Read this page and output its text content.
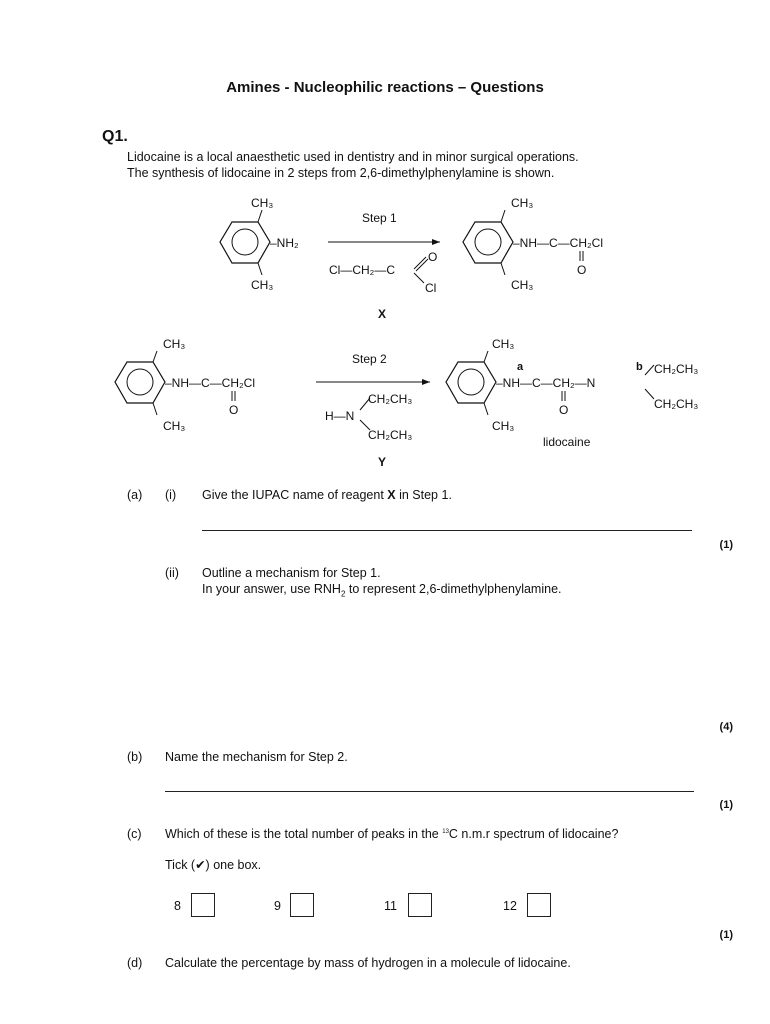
Amines - Nucleophilic reactions – Questions
Q1.
Lidocaine is a local anaesthetic used in dentistry and in minor surgical operations.
The synthesis of lidocaine in 2 steps from 2,6-dimethylphenylamine is shown.
CH₃
CH₃
–NH₂
Step 1
Cl—CH₂—C
O
Cl
X
CH₃
CH₃
–NH—C—CH₂Cl
O
CH₃
CH₃
–NH—C—CH₂Cl
O
Step 2
H—N
CH₂CH₃
CH₂CH₃
Y
CH₃
CH₃
a	b
–NH—C—CH₂—N
O
CH₂CH₃
CH₂CH₃
lidocaine
(a) (i) Give the IUPAC name of reagent X in Step 1.
(1)
(ii) Outline a mechanism for Step 1.
In your answer, use $RNH_2$ to represent 2,6-dimethylphenylamine.
(4)
(b) Name the mechanism for Step 2.
(1)
(c) Which of these is the total number of peaks in the $^{13}$C n.m.r spectrum of lidocaine?
Tick (✔) one box.
8	9	11	12
(1)
(d) Calculate the percentage by mass of hydrogen in a molecule of lidocaine.
